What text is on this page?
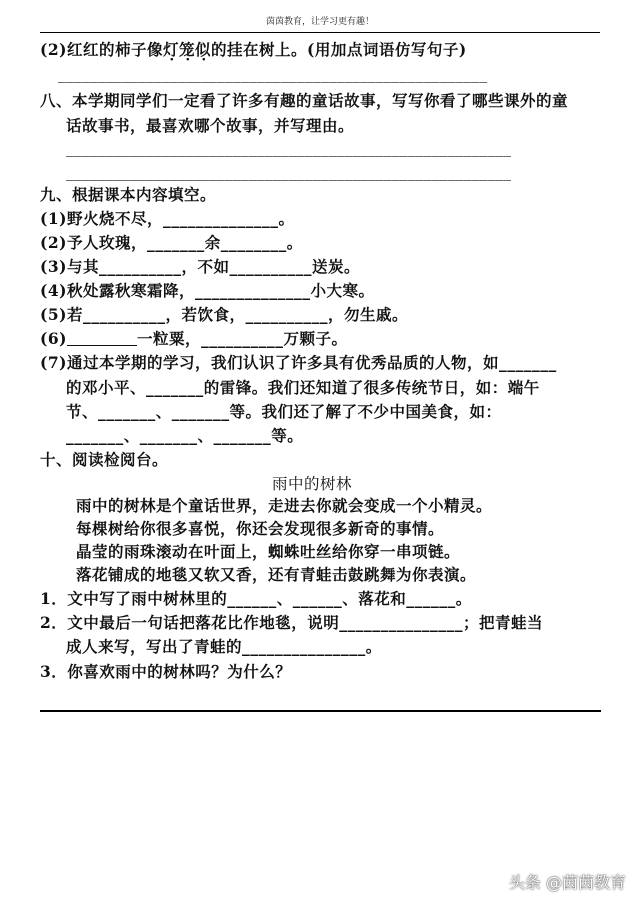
茵茵教育，让学习更有趣！
(2)红红的柿子像灯笼似的挂在树上。(用加点词语仿写句子)
______________________________________________________
八、本学期同学们一定看了许多有趣的童话故事，写写你看了哪些课外的童
话故事书，最喜欢哪个故事，并写理由。
________________________________________________________
________________________________________________________
九、根据课本内容填空。
(1)野火烧不尽，______________。
(2)予人玫瑰，_______余________。
(3)与其__________，不如__________送炭。
(4)秋处露秋寒霜降，______________小大寒。
(5)若__________，若饮食，__________，勿生戚。
(6)	一粒粟，__________万颗子。
(7)通过本学期的学习，我们认识了许多具有优秀品质的人物，如_______
的邓小平、_______的雷锋。我们还知道了很多传统节日，如：端午
节、_______、_______等。我们还了解了不少中国美食，如：
_______、_______、_______等。
十、阅读检阅台。
雨中的树林
雨中的树林是个童话世界，走进去你就会变成一个小精灵。
每棵树给你很多喜悦，你还会发现很多新奇的事情。
晶莹的雨珠滚动在叶面上，蜘蛛吐丝给你穿一串项链。
落花铺成的地毯又软又香，还有青蛙击鼓跳舞为你表演。
1．文中写了雨中树林里的______、______、落花和______。
2．文中最后一句话把落花比作地毯，说明_______________；把青蛙当
成人来写，写出了青蛙的_______________。
3．你喜欢雨中的树林吗？为什么？
头条 @茵茵教育
